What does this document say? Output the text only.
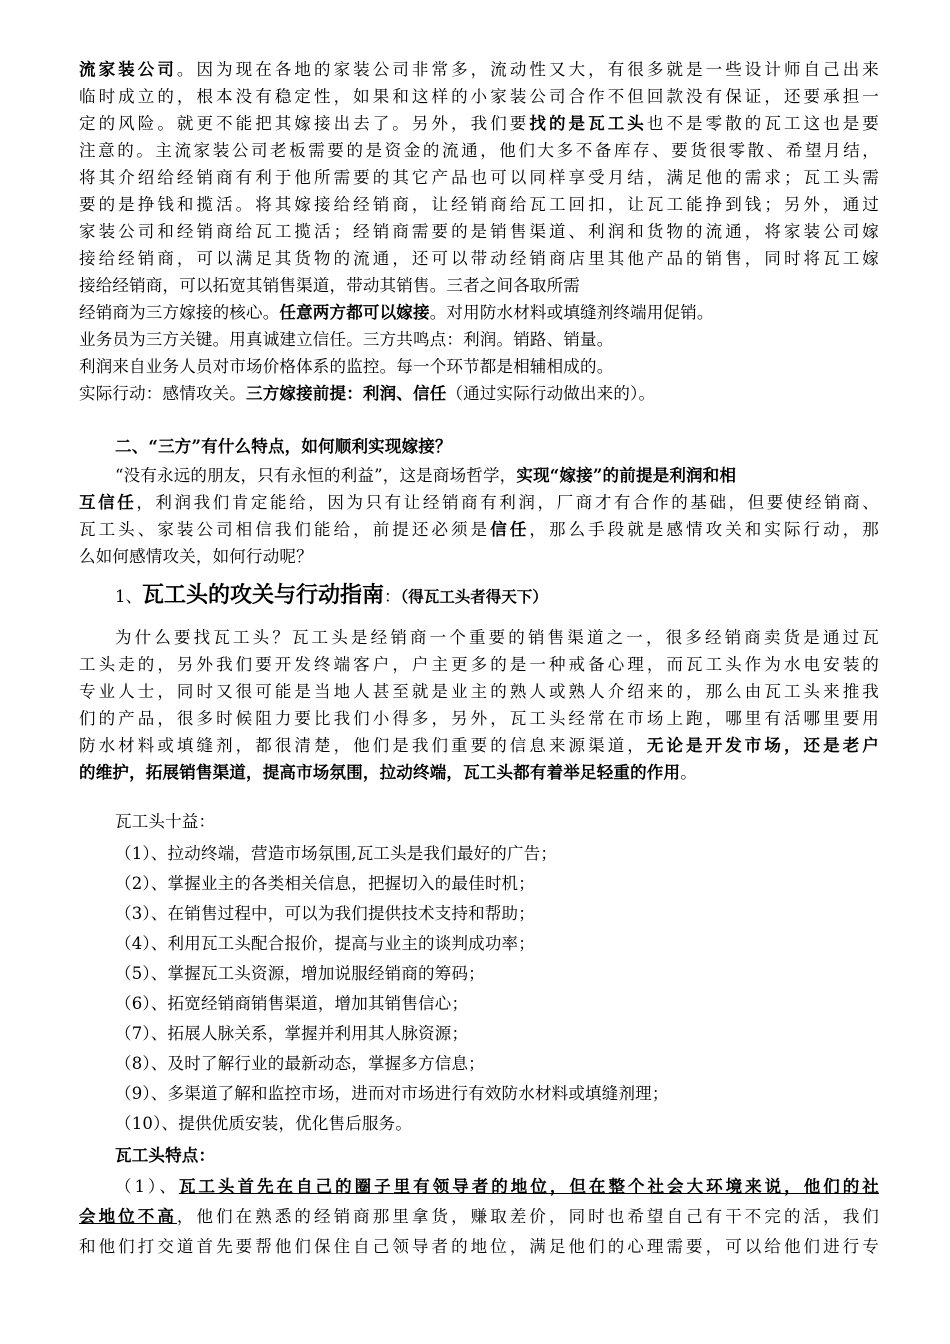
流家装公司。因为现在各地的家装公司非常多，流动性又大，有很多就是一些设计师自己出来
临时成立的，根本没有稳定性，如果和这样的小家装公司合作不但回款没有保证，还要承担一
定的风险。就更不能把其嫁接出去了。另外，我们要找的是瓦工头也不是零散的瓦工这也是要
注意的。主流家装公司老板需要的是资金的流通，他们大多不备库存、要货很零散、希望月结，
将其介绍给经销商有利于他所需要的其它产品也可以同样享受月结，满足他的需求；瓦工头需
要的是挣钱和揽活。将其嫁接给经销商，让经销商给瓦工回扣，让瓦工能挣到钱；另外，通过
家装公司和经销商给瓦工揽活；经销商需要的是销售渠道、利润和货物的流通，将家装公司嫁
接给经销商，可以满足其货物的流通，还可以带动经销商店里其他产品的销售，同时将瓦工嫁
接给经销商，可以拓宽其销售渠道，带动其销售。三者之间各取所需
经销商为三方嫁接的核心。任意两方都可以嫁接。对用防水材料或填缝剂终端用促销。
业务员为三方关键。用真诚建立信任。三方共鸣点：利润。销路、销量。
利润来自业务人员对市场价格体系的监控。每一个环节都是相辅相成的。
实际行动：感情攻关。三方嫁接前提：利润、信任（通过实际行动做出来的）。
二、“三方”有什么特点，如何顺利实现嫁接？
“没有永远的朋友，只有永恒的利益”，这是商场哲学，实现“嫁接”的前提是利润和相
互信任，利润我们肯定能给，因为只有让经销商有利润，厂商才有合作的基础，但要使经销商、
瓦工头、家装公司相信我们能给，前提还必须是信任，那么手段就是感情攻关和实际行动，那
么如何感情攻关，如何行动呢？
1、瓦工头的攻关与行动指南：（得瓦工头者得天下）
为什么要找瓦工头？瓦工头是经销商一个重要的销售渠道之一，很多经销商卖货是通过瓦
工头走的，另外我们要开发终端客户，户主更多的是一种戒备心理，而瓦工头作为水电安装的
专业人士，同时又很可能是当地人甚至就是业主的熟人或熟人介绍来的，那么由瓦工头来推我
们的产品，很多时候阻力要比我们小得多，另外，瓦工头经常在市场上跑，哪里有活哪里要用
防水材料或填缝剂，都很清楚，他们是我们重要的信息来源渠道，无论是开发市场，还是老户
的维护，拓展销售渠道，提高市场氛围，拉动终端，瓦工头都有着举足轻重的作用。
瓦工头十益：
（1）、拉动终端，营造市场氛围,瓦工头是我们最好的广告；
（2）、掌握业主的各类相关信息，把握切入的最佳时机；
（3）、在销售过程中，可以为我们提供技术支持和帮助；
（4）、利用瓦工头配合报价，提高与业主的谈判成功率；
（5）、掌握瓦工头资源，增加说服经销商的筹码；
（6）、拓宽经销商销售渠道，增加其销售信心；
（7）、拓展人脉关系，掌握并利用其人脉资源；
（8）、及时了解行业的最新动态，掌握多方信息；
（9）、多渠道了解和监控市场，进而对市场进行有效防水材料或填缝剂理；
（10）、提供优质安装，优化售后服务。
瓦工头特点：
（1）、瓦工头首先在自己的圈子里有领导者的地位，但在整个社会大环境来说，他们的社
会地位不高，他们在熟悉的经销商那里拿货，赚取差价，同时也希望自己有干不完的活，我们
和他们打交道首先要帮他们保住自己领导者的地位，满足他们的心理需要，可以给他们进行专
